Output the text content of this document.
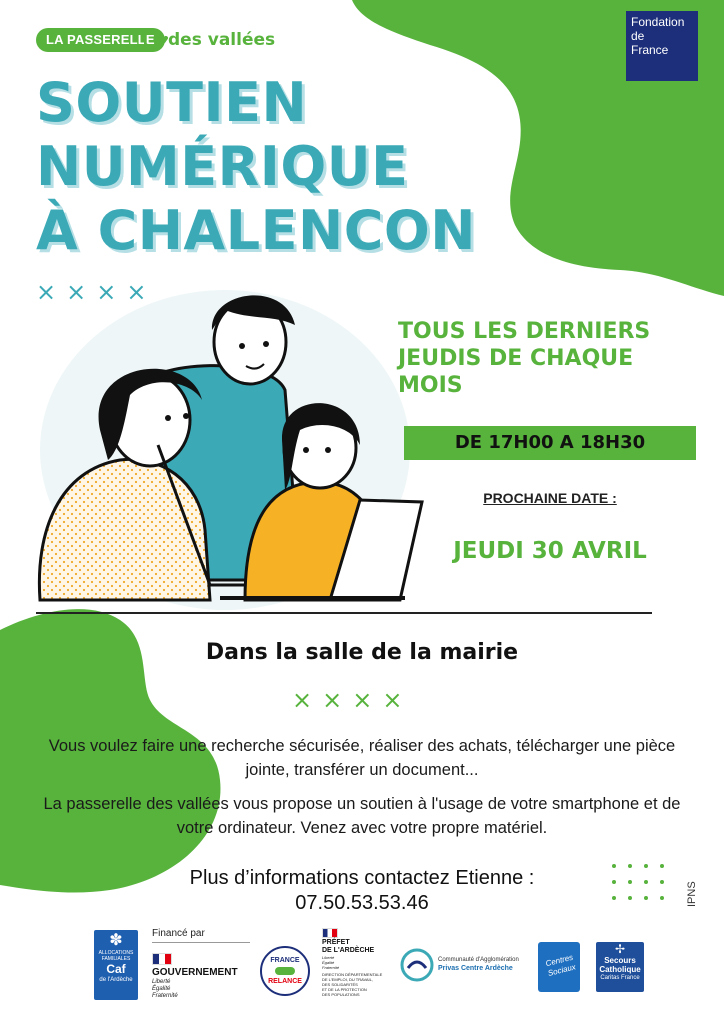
LA PASSERELLE des vallées
Fondation
de
France
SOUTIEN
NUMÉRIQUE
À CHALENCON
××××
TOUS LES DERNIERS JEUDIS DE CHAQUE MOIS
DE 17H00 A 18H30
PROCHAINE DATE :
JEUDI 30 AVRIL
Dans la salle de la mairie
××××
Vous voulez faire une recherche sécurisée, réaliser des achats, télécharger une pièce jointe, transférer un document...
La passerelle des vallées vous propose un soutien à l'usage de votre smartphone et de votre ordinateur. Venez avec votre propre matériel.
Plus d’informations contactez Etienne :
07.50.53.53.46	IPNS
✽
ALLOCATIONS
FAMILIALES
Caf
de l'Ardèche
Financé par
GOUVERNEMENT
Liberté
Égalité
Fraternité
FRANCE
RELANCE
PRÉFET
DE L'ARDÈCHE
Liberté
Égalité
Fraternité
DIRECTION DÉPARTEMENTALE
DE L'EMPLOI, DU TRAVAIL,
DES SOLIDARITÉS
ET DE LA PROTECTION
DES POPULATIONS
Communauté d'Agglomération
Privas Centre Ardèche
Centres Sociaux
✢
Secours
Catholique
Caritas France
